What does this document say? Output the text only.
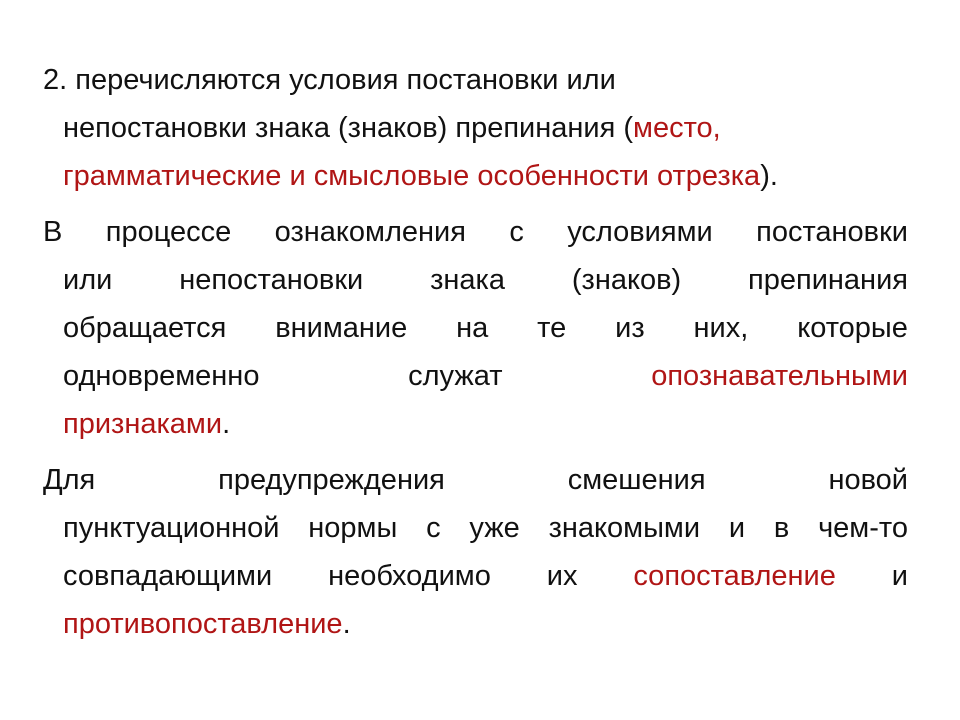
2. перечисляются условия постановки или
непостановки знака (знаков) препинания (место,
грамматические и смысловые особенности отрезка).
В процессе ознакомления с условиями постановки
или непостановки знака (знаков) препинания
обращается внимание на те из них, которые
одновременно	служат	опознавательными
признаками.
Для	предупреждения	смешения	новой
пунктуационной нормы с уже знакомыми и в чем-то
совпадающими необходимо их сопоставление и
противопоставление.
